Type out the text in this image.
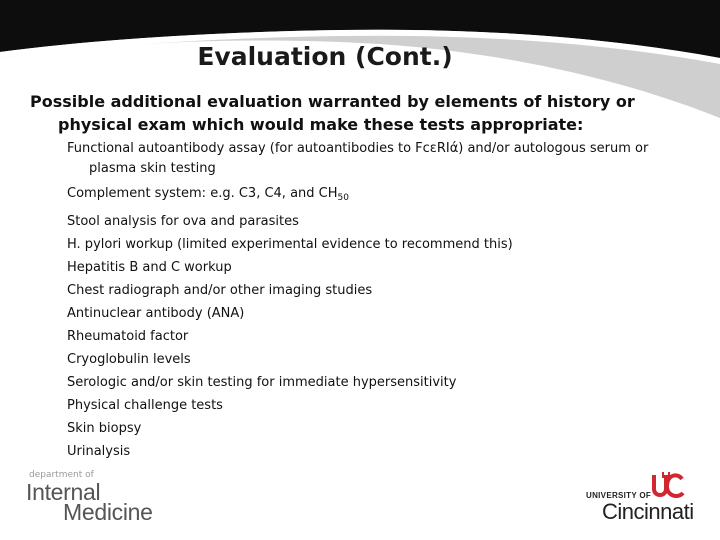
Evaluation (Cont.)
Possible additional evaluation warranted by elements of history or physical exam which would make these tests appropriate:
Functional autoantibody assay (for autoantibodies to FcεRIά) and/or autologous serum or plasma skin testing
Complement system: e.g. C3, C4, and $CH_{50}$
Stool analysis for ova and parasites
H. pylori workup (limited experimental evidence to recommend this)
Hepatitis B and C workup
Chest radiograph and/or other imaging studies
Antinuclear antibody (ANA)
Rheumatoid factor
Cryoglobulin levels
Serologic and/or skin testing for immediate hypersensitivity
Physical challenge tests
Skin biopsy
Urinalysis
department of
Internal
Medicine
UNIVERSITY OF
Cincinnati
